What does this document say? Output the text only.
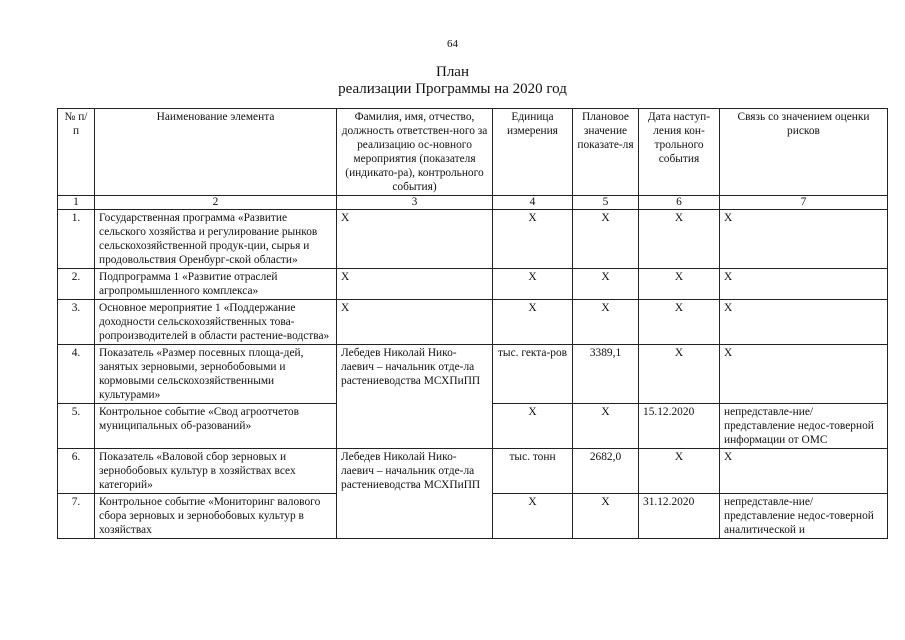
64
План
реализации Программы на 2020 год
№ п/п	Наименование элемента	Фамилия, имя, отчество, должность ответствен-ного за реализацию ос-новного мероприятия (показателя (индикато-ра), контрольного события)	Единица измерения	Плановое значение показате-ля	Дата наступ-ления кон-трольного события	Связь со значением оценки рисков
1	2	3	4	5	6	7
1.	Государственная программа «Развитие сельского хозяйства и регулирование рынков сельскохозяйственной продук-ции, сырья и продовольствия Оренбург-ской области»	Х	Х	Х	Х	Х
2.	Подпрограмма 1 «Развитие отраслей агропромышленного комплекса»	Х	Х	Х	Х	Х
3.	Основное мероприятие 1 «Поддержание доходности сельскохозяйственных това-ропроизводителей в области растение-водства»	Х	Х	Х	Х	Х
4.	Показатель «Размер посевных площа-дей, занятых зерновыми, зернобобовыми и кормовыми сельскохозяйственными культурами»	Лебедев Николай Нико-лаевич – начальник отде-ла растениеводства МСХПиПП	тыс. гекта-ров	3389,1	Х	Х
5.	Контрольное событие «Свод агроотчетов муниципальных об-разований»		Х	Х	15.12.2020	непредставле-ние/представление недос-товерной информации от ОМС
6.	Показатель «Валовой сбор зерновых и зернобобовых культур в хозяйствах всех категорий»	Лебедев Николай Нико-лаевич – начальник отде-ла растениеводства МСХПиПП	тыс. тонн	2682,0	Х	Х
7.	Контрольное событие «Мониторинг валового сбора зерновых и зернобобовых культур в хозяйствах		Х	Х	31.12.2020	непредставле-ние/представление недос-товерной аналитической и
